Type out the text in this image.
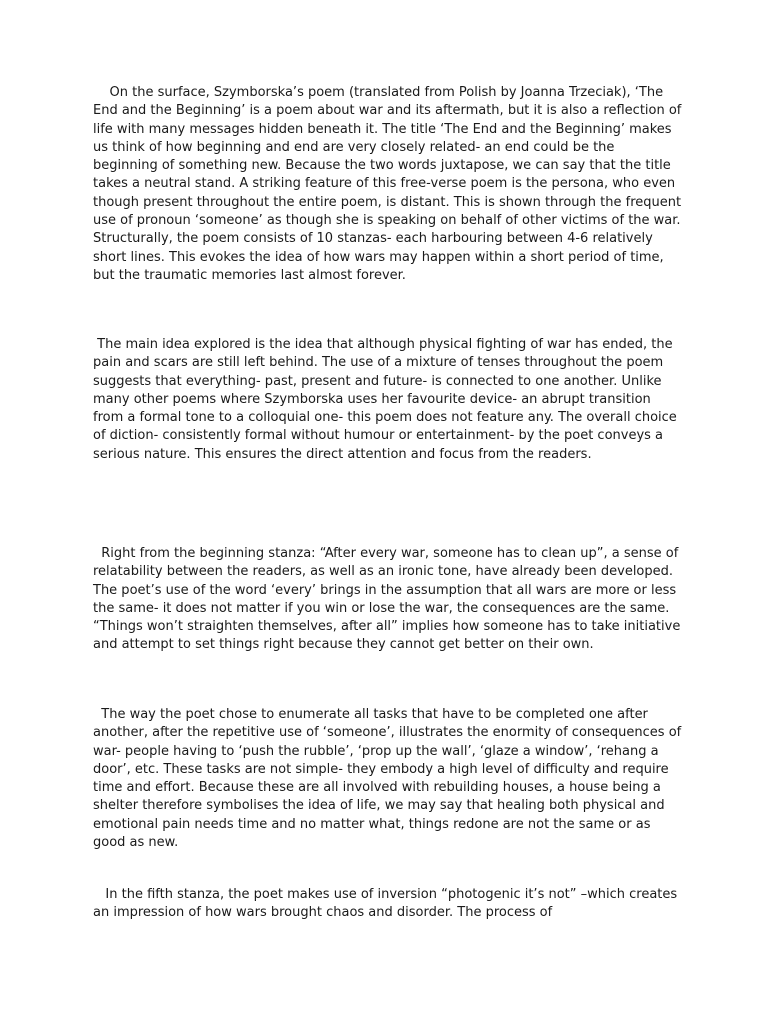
On the surface, Szymborska’s poem (translated from Polish by Joanna Trzeciak), ‘The End and the Beginning’ is a poem about war and its aftermath, but it is also a reflection of life with many messages hidden beneath it. The title ‘The End and the Beginning’ makes us think of how beginning and end are very closely related- an end could be the beginning of something new. Because the two words juxtapose, we can say that the title takes a neutral stand. A striking feature of this free-verse poem is the persona, who even though present throughout the entire poem, is distant. This is shown through the frequent use of pronoun ‘someone’ as though she is speaking on behalf of other victims of the war. Structurally, the poem consists of 10 stanzas- each harbouring between 4-6 relatively short lines. This evokes the idea of how wars may happen within a short period of time, but the traumatic memories last almost forever.

The main idea explored is the idea that although physical fighting of war has ended, the pain and scars are still left behind. The use of a mixture of tenses throughout the poem suggests that everything- past, present and future- is connected to one another. Unlike many other poems where Szymborska uses her favourite device- an abrupt transition from a formal tone to a colloquial one- this poem does not feature any. The overall choice of diction- consistently formal without humour or entertainment- by the poet conveys a serious nature. This ensures the direct attention and focus from the readers.

Right from the beginning stanza: “After every war, someone has to clean up”, a sense of relatability between the readers, as well as an ironic tone, have already been developed. The poet’s use of the word ‘every’ brings in the assumption that all wars are more or less the same- it does not matter if you win or lose the war, the consequences are the same. “Things won’t straighten themselves, after all” implies how someone has to take initiative and attempt to set things right because they cannot get better on their own.

The way the poet chose to enumerate all tasks that have to be completed one after another, after the repetitive use of ‘someone’, illustrates the enormity of consequences of war- people having to ‘push the rubble’, ‘prop up the wall’, ‘glaze a window’, ‘rehang a door’, etc. These tasks are not simple- they embody a high level of difficulty and require time and effort. Because these are all involved with rebuilding houses, a house being a shelter therefore symbolises the idea of life, we may say that healing both physical and emotional pain needs time and no matter what, things redone are not the same or as good as new.

In the fifth stanza, the poet makes use of inversion “photogenic it’s not” –which creates an impression of how wars brought chaos and disorder. The process of
